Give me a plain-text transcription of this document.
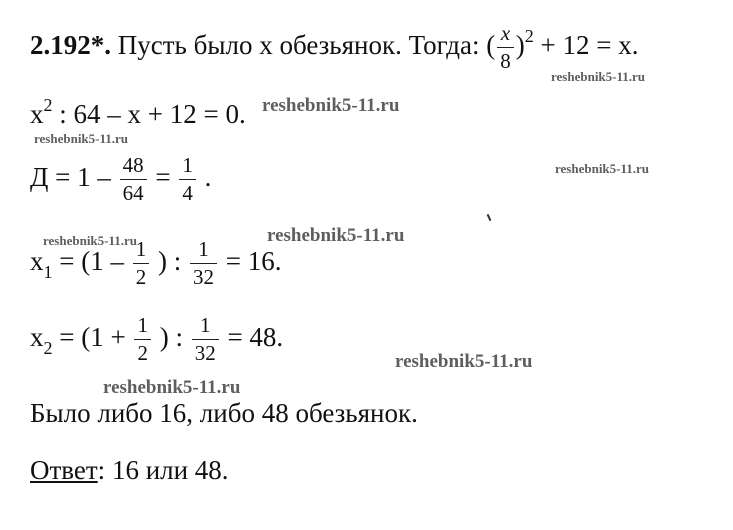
2.192*. Пусть было х обезьянок. Тогда: ( $\frac{x}{8} )^2 + 12 = x$.
$x^2$ : 64 – x + 12 = 0.
$Д = 1 - \frac{48}{64} = \frac{1}{4}$ .
$x_1 = (1 - \frac{1}{2}$ ) : $\frac{1}{32} = 16$.
$x_2 = (1 + \frac{1}{2}$ ) : $\frac{1}{32} = 48$.
Было либо 16, либо 48 обезьянок.
Ответ: 16 или 48.
reshebnik5-11.ru
reshebnik5-11.ru
reshebnik5-11.ru
reshebnik5-11.ru
reshebnik5-11.ru	reshebnik5-11.ru
reshebnik5-11.ru
reshebnik5-11.ru
